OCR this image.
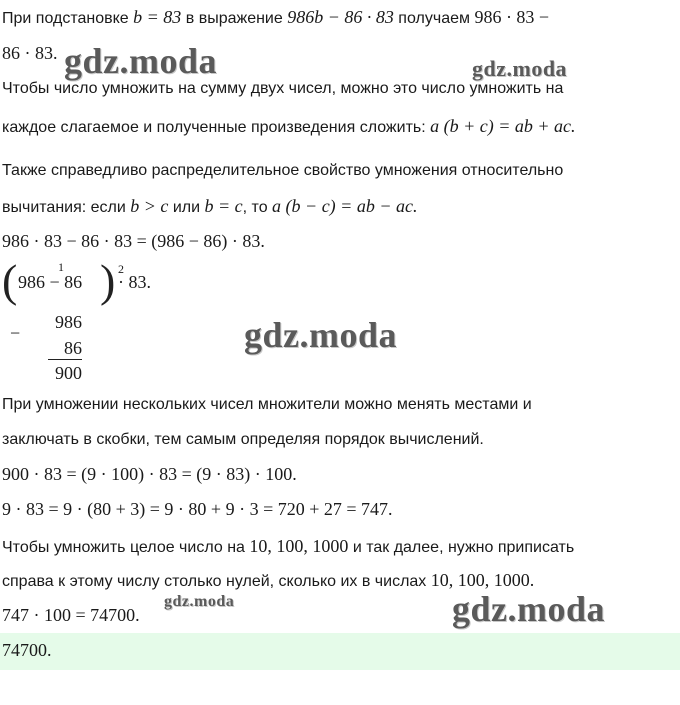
gdz.moda	gdz.moda
gdz.moda
gdz.moda	gdz.moda
При подстановке b = 83 в выражение 986b − 86 · 83 получаем 986 · 83 −
86 · 83.
Чтобы число умножить на сумму двух чисел, можно это число умножить на
каждое слагаемое и полученные произведения сложить: a (b + c) = ab + ac.
Также справедливо распределительное свойство умножения относительно
вычитания: если b > c или b = c, то a (b − c) = ab − ac.
986 · 83 − 86 · 83 = (986 − 86) · 83.
( 986 − 86
1 ) 2
· 83.
−
986
86
900
При умножении нескольких чисел множители можно менять местами и
заключать в скобки, тем самым определяя порядок вычислений.
900 · 83 = (9 · 100) · 83 = (9 · 83) · 100.
9 · 83 = 9 · (80 + 3) = 9 · 80 + 9 · 3 = 720 + 27 = 747.
Чтобы умножить целое число на 10, 100, 1000 и так далее, нужно приписать
справа к этому числу столько нулей, сколько их в числах 10, 100, 1000.
747 · 100 = 74700.
74700.
